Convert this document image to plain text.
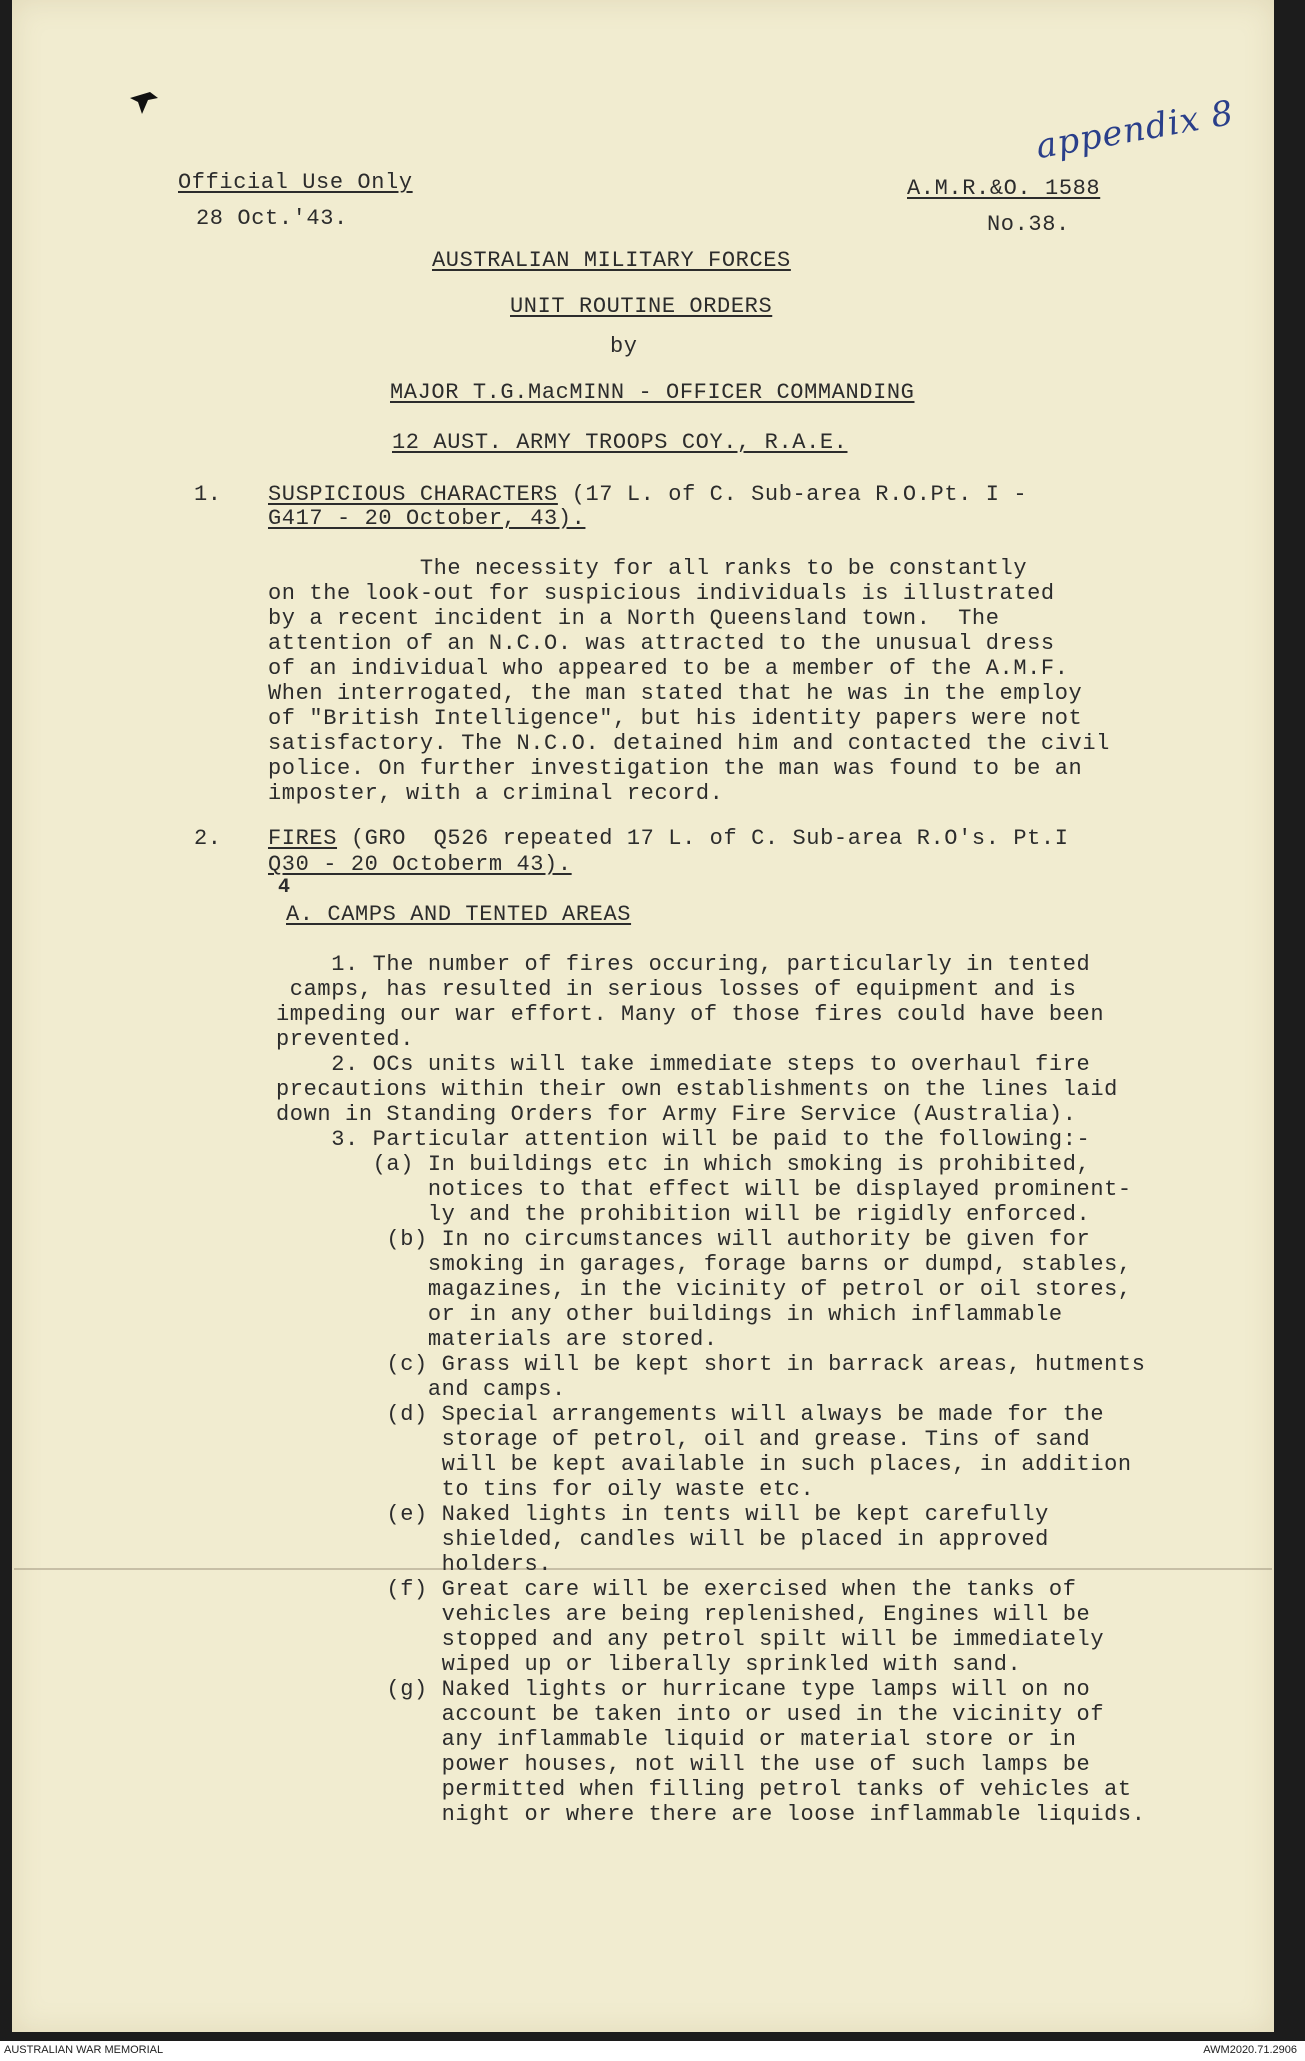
appendix 8
Official Use Only
28 Oct.'43.
A.M.R.&O. 1588
No.38.
AUSTRALIAN MILITARY FORCES
UNIT ROUTINE ORDERS
by
MAJOR T.G.MacMINN - OFFICER COMMANDING
12 AUST. ARMY TROOPS COY., R.A.E.
1. SUSPICIOUS CHARACTERS (17 L. of C. Sub-area R.O.Pt. I -
G417 - 20 October, 43).
The necessity for all ranks to be constantly
on the look-out for suspicious individuals is illustrated
by a recent incident in a North Queensland town.  The
attention of an N.C.O. was attracted to the unusual dress
of an individual who appeared to be a member of the A.M.F.
When interrogated, the man stated that he was in the employ
of "British Intelligence", but his identity papers were not
satisfactory. The N.C.O. detained him and contacted the civil
police. On further investigation the man was found to be an
imposter, with a criminal record.
2. FIRES (GRO  Q526 repeated 17 L. of C. Sub-area R.O's. Pt.I
Q30 - 20 Octoberm 43).
4
A. CAMPS AND TENTED AREAS
1. The number of fires occuring, particularly in tented
camps, has resulted in serious losses of equipment and is
impeding our war effort. Many of those fires could have been
prevented.
2. OCs units will take immediate steps to overhaul fire
precautions within their own establishments on the lines laid
down in Standing Orders for Army Fire Service (Australia).
3. Particular attention will be paid to the following:-
(a) In buildings etc in which smoking is prohibited,
notices to that effect will be displayed prominent-
ly and the prohibition will be rigidly enforced.
(b) In no circumstances will authority be given for
smoking in garages, forage barns or dumpd, stables,
magazines, in the vicinity of petrol or oil stores,
or in any other buildings in which inflammable
materials are stored.
(c) Grass will be kept short in barrack areas, hutments
and camps.
(d) Special arrangements will always be made for the
storage of petrol, oil and grease. Tins of sand
will be kept available in such places, in addition
to tins for oily waste etc.
(e) Naked lights in tents will be kept carefully
shielded, candles will be placed in approved
holders.
(f) Great care will be exercised when the tanks of
vehicles are being replenished, Engines will be
stopped and any petrol spilt will be immediately
wiped up or liberally sprinkled with sand.
(g) Naked lights or hurricane type lamps will on no
account be taken into or used in the vicinity of
any inflammable liquid or material store or in
power houses, not will the use of such lamps be
permitted when filling petrol tanks of vehicles at
night or where there are loose inflammable liquids.
AUSTRALIAN WAR MEMORIAL	AWM2020.71.2906
